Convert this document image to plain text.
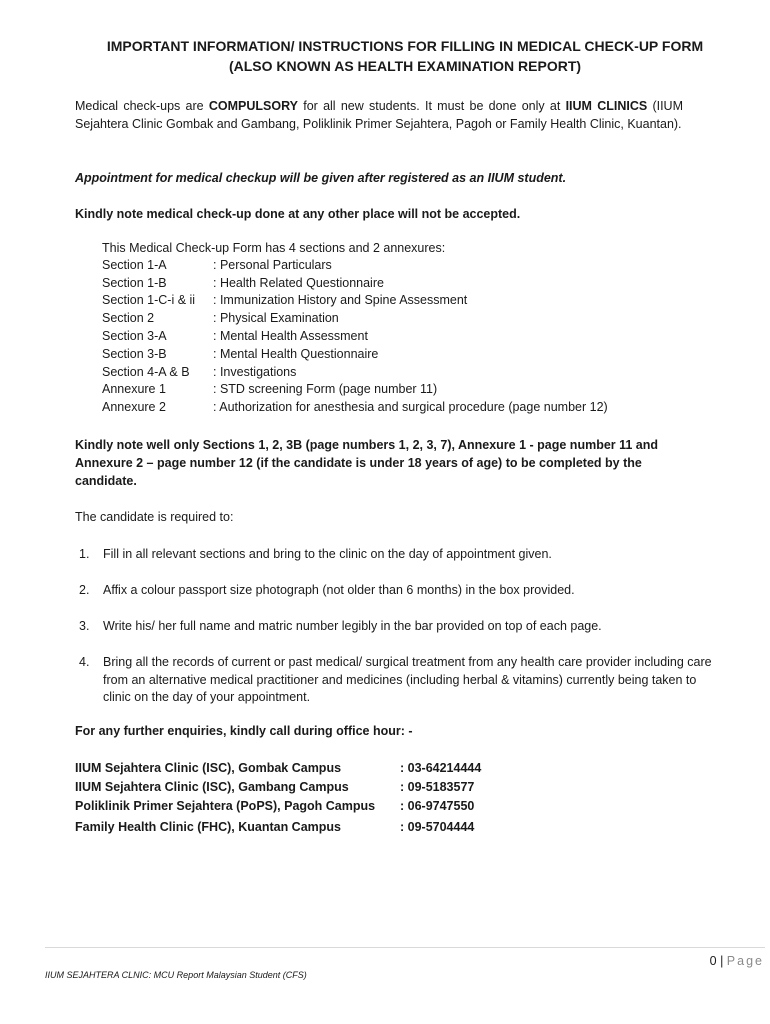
IMPORTANT INFORMATION/ INSTRUCTIONS FOR FILLING IN MEDICAL CHECK-UP FORM
(ALSO KNOWN AS HEALTH EXAMINATION REPORT)
Medical check-ups are COMPULSORY for all new students. It must be done only at IIUM CLINICS (IIUM Sejahtera Clinic Gombak and Gambang, Poliklinik Primer Sejahtera, Pagoh or Family Health Clinic, Kuantan).
Appointment for medical checkup will be given after registered as an IIUM student.
Kindly note medical check-up done at any other place will not be accepted.
This Medical Check-up Form has 4 sections and 2 annexures:
Section 1-A	: Personal Particulars
Section 1-B	: Health Related Questionnaire
Section 1-C-i & ii : Immunization History and Spine Assessment
Section 2	: Physical Examination
Section 3-A	: Mental Health Assessment
Section 3-B	: Mental Health Questionnaire
Section 4-A & B : Investigations
Annexure 1	: STD screening Form (page number 11)
Annexure 2	: Authorization for anesthesia and surgical procedure (page number 12)
Kindly note well only Sections 1, 2, 3B (page numbers 1, 2, 3, 7), Annexure 1 - page number 11 and Annexure 2 – page number 12 (if the candidate is under 18 years of age) to be completed by the candidate.
The candidate is required to:
1. Fill in all relevant sections and bring to the clinic on the day of appointment given.
2. Affix a colour passport size photograph (not older than 6 months) in the box provided.
3. Write his/ her full name and matric number legibly in the bar provided on top of each page.
4. Bring all the records of current or past medical/ surgical treatment from any health care provider including care from an alternative medical practitioner and medicines (including herbal & vitamins) currently being taken to clinic on the day of your appointment.
For any further enquiries, kindly call during office hour: -
IIUM Sejahtera Clinic (ISC), Gombak Campus	: 03-64214444
IIUM Sejahtera Clinic (ISC), Gambang Campus	: 09-5183577
Poliklinik Primer Sejahtera (PoPS), Pagoh Campus : 06-9747550
Family Health Clinic (FHC), Kuantan Campus	: 09-5704444
0 | Page
IIUM SEJAHTERA CLNIC: MCU Report Malaysian Student (CFS)
